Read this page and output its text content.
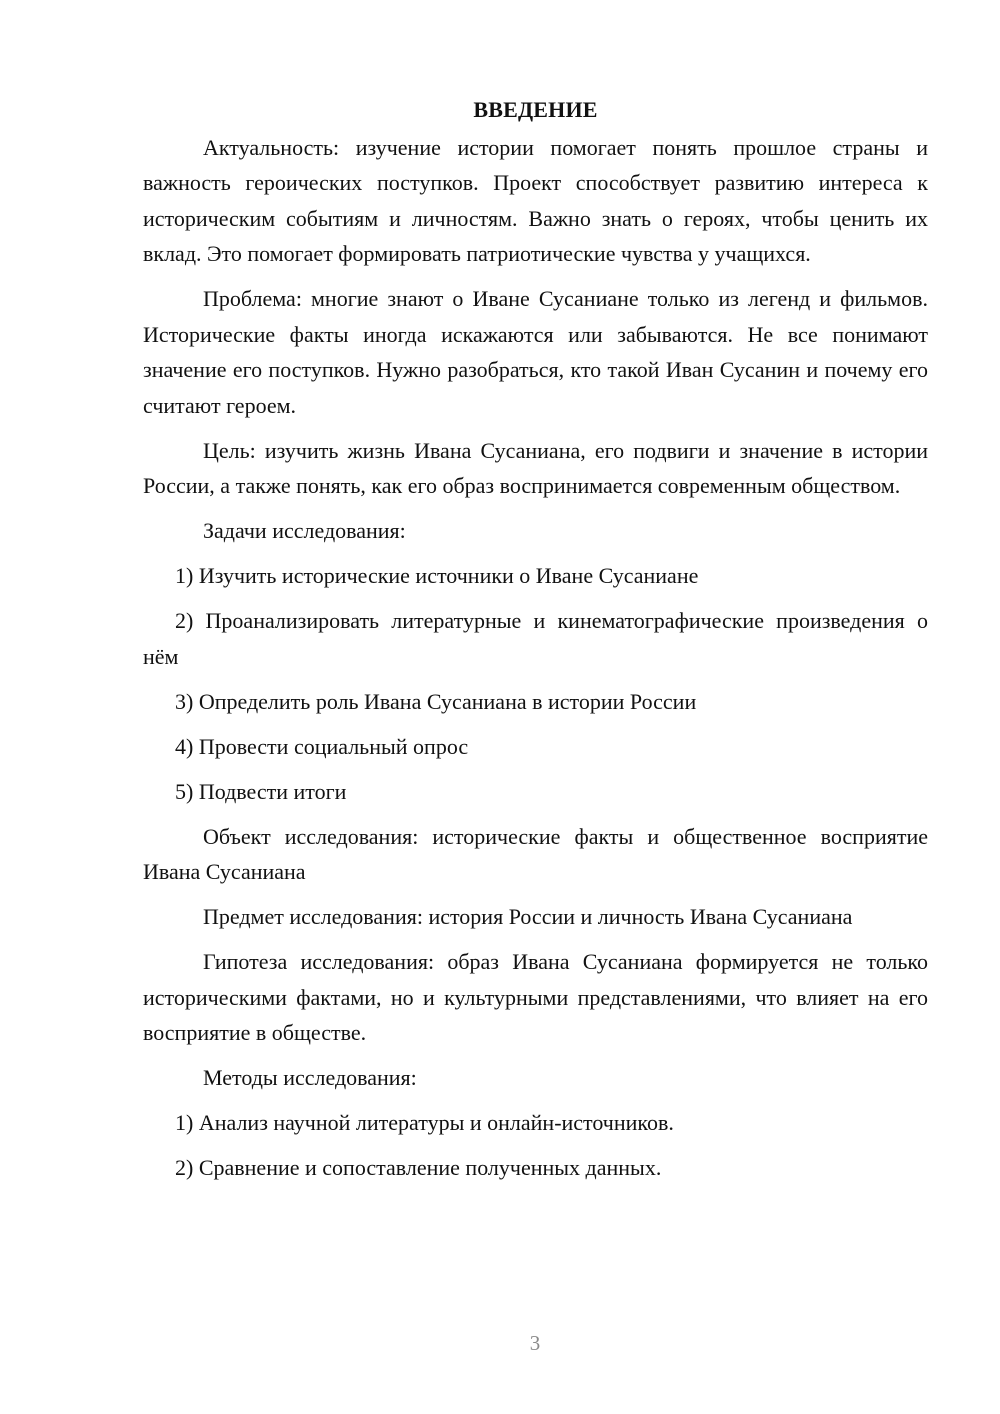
ВВЕДЕНИЕ

Актуальность: изучение истории помогает понять прошлое страны и важность героических поступков. Проект способствует развитию интереса к историческим событиям и личностям. Важно знать о героях, чтобы ценить их вклад. Это помогает формировать патриотические чувства у учащихся.

Проблема: многие знают о Иване Сусаниане только из легенд и фильмов. Исторические факты иногда искажаются или забываются. Не все понимают значение его поступков. Нужно разобраться, кто такой Иван Сусанин и почему его считают героем.

Цель: изучить жизнь Ивана Сусаниана, его подвиги и значение в истории России, а также понять, как его образ воспринимается современным обществом.

Задачи исследования:

1) Изучить исторические источники о Иване Сусаниане

2) Проанализировать литературные и кинематографические произведения о нём

3) Определить роль Ивана Сусаниана в истории России

4) Провести социальный опрос

5) Подвести итоги

Объект исследования: исторические факты и общественное восприятие Ивана Сусаниана

Предмет исследования: история России и личность Ивана Сусаниана

Гипотеза исследования: образ Ивана Сусаниана формируется не только историческими фактами, но и культурными представлениями, что влияет на его восприятие в обществе.

Методы исследования:

1) Анализ научной литературы и онлайн-источников.

2) Сравнение и сопоставление полученных данных.

3
